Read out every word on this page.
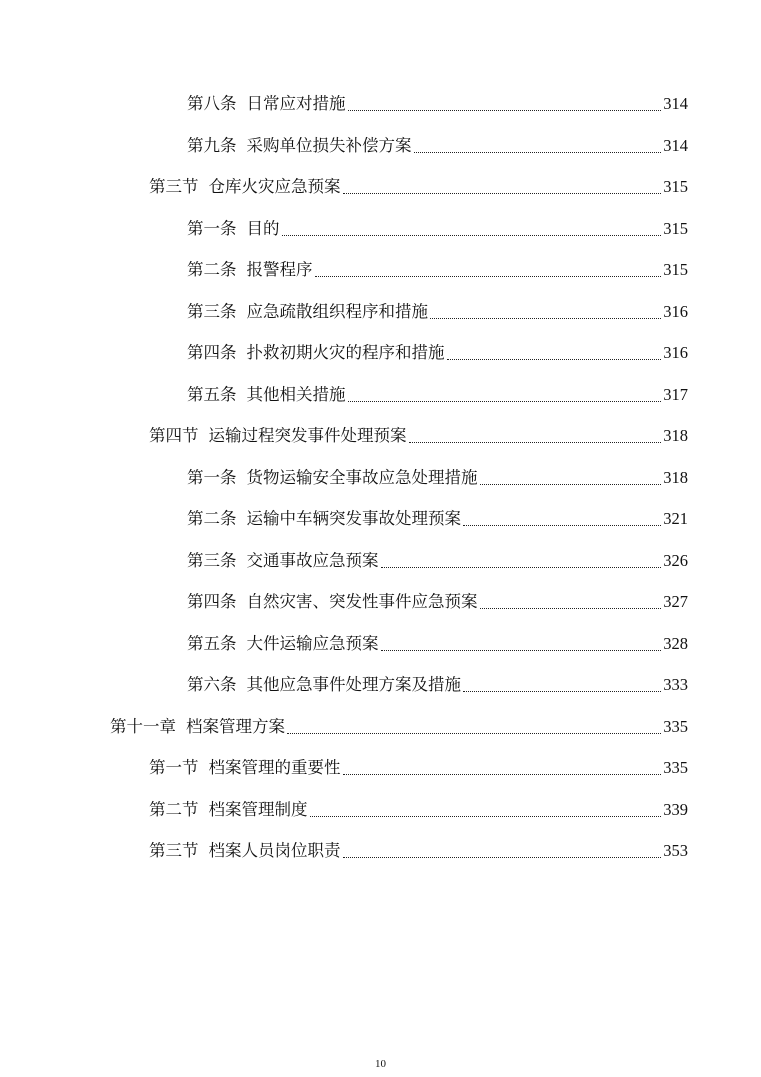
第八条 日常应对措施	314
第九条 采购单位损失补偿方案	314
第三节 仓库火灾应急预案	315
第一条 目的	315
第二条 报警程序	315
第三条 应急疏散组织程序和措施	316
第四条 扑救初期火灾的程序和措施	316
第五条 其他相关措施	317
第四节 运输过程突发事件处理预案	318
第一条 货物运输安全事故应急处理措施	318
第二条 运输中车辆突发事故处理预案	321
第三条 交通事故应急预案	326
第四条 自然灾害、突发性事件应急预案	327
第五条 大件运输应急预案	328
第六条 其他应急事件处理方案及措施	333
第十一章 档案管理方案	335
第一节 档案管理的重要性	335
第二节 档案管理制度	339
第三节 档案人员岗位职责	353
10
